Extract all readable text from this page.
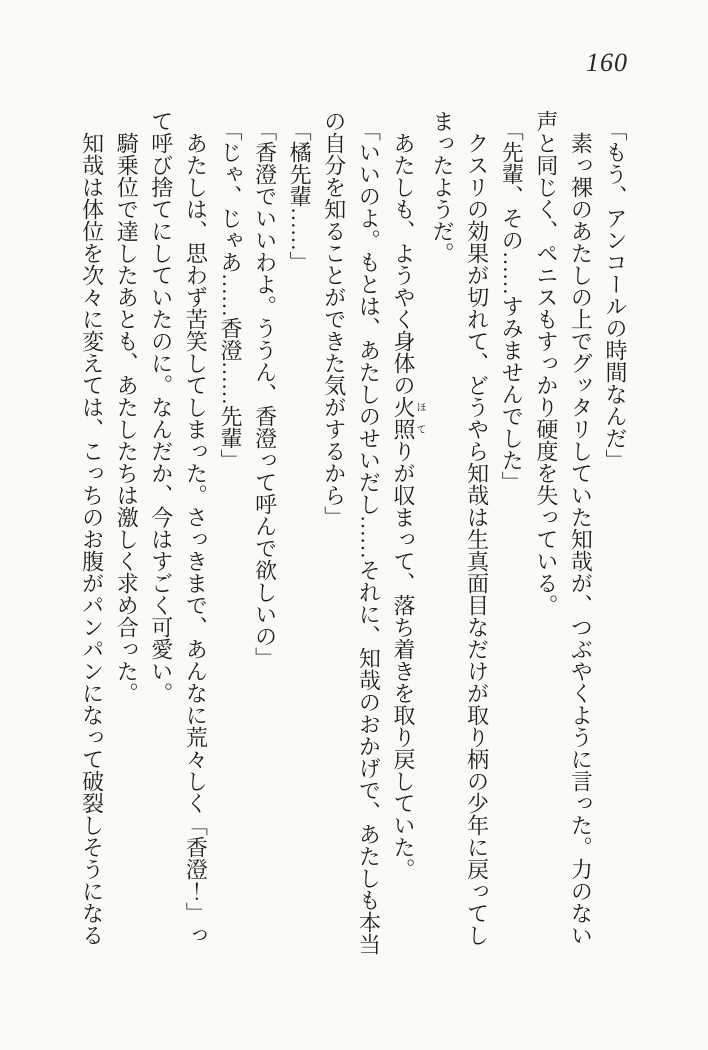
160
「もう、アンコールの時間なんだ」
素っ裸のあたしの上でグッタリしていた知哉が、つぶやくように言った。力のない
声と同じく、ペニスもすっかり硬度を失っている。
「先輩、その……すみませんでした」
クスリの効果が切れて、どうやら知哉は生真面目なだけが取り柄の少年に戻ってし
まったようだ。
あたしも、ようやく身体の火照ほてりが収まって、落ち着きを取り戻していた。
「いいのよ。もとは、あたしのせいだし……それに、知哉のおかげで、あたしも本当
の自分を知ることができた気がするから」
「橘先輩……」
「香澄でいいわよ。ううん、香澄って呼んで欲しいの」
「じゃ、じゃあ……香澄……先輩」
あたしは、思わず苦笑してしまった。さっきまで、あんなに荒々しく「香澄！」っ
て呼び捨てにしていたのに。なんだか、今はすごく可愛い。
騎乗位で達したあとも、あたしたちは激しく求め合った。
知哉は体位を次々に変えては、こっちのお腹がパンパンになって破裂しそうになる
